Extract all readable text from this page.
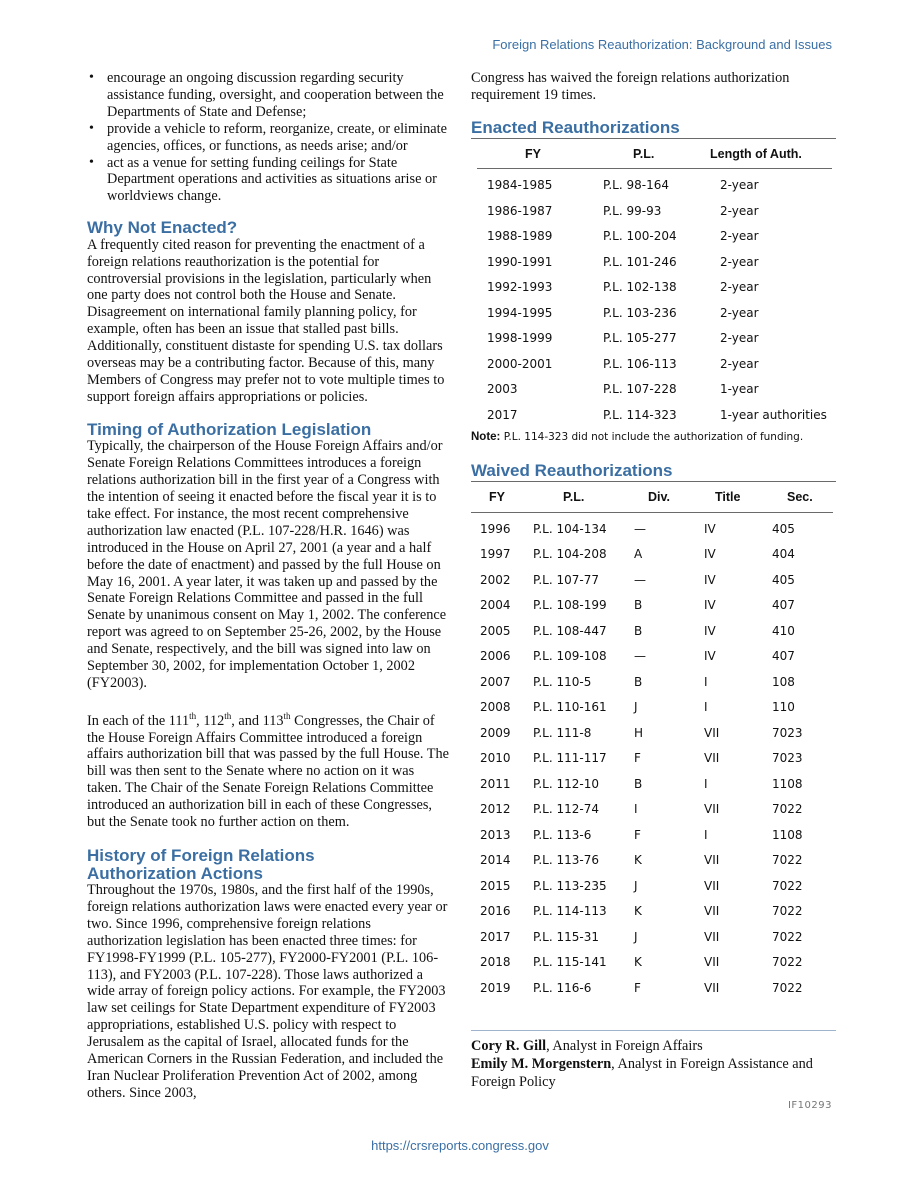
Foreign Relations Reauthorization: Background and Issues
• encourage an ongoing discussion regarding security assistance funding, oversight, and cooperation between the Departments of State and Defense;
• provide a vehicle to reform, reorganize, create, or eliminate agencies, offices, or functions, as needs arise; and/or
• act as a venue for setting funding ceilings for State Department operations and activities as situations arise or worldviews change.
Why Not Enacted?

A frequently cited reason for preventing the enactment of a foreign relations reauthorization is the potential for controversial provisions in the legislation, particularly when one party does not control both the House and Senate. Disagreement on international family planning policy, for example, often has been an issue that stalled past bills. Additionally, constituent distaste for spending U.S. tax dollars overseas may be a contributing factor. Because of this, many Members of Congress may prefer not to vote multiple times to support foreign affairs appropriations or policies.

Timing of Authorization Legislation

Typically, the chairperson of the House Foreign Affairs and/or Senate Foreign Relations Committees introduces a foreign relations authorization bill in the first year of a Congress with the intention of seeing it enacted before the fiscal year it is to take effect. For instance, the most recent comprehensive authorization law enacted (P.L. 107-228/H.R. 1646) was introduced in the House on April 27, 2001 (a year and a half before the date of enactment) and passed by the full House on May 16, 2001. A year later, it was taken up and passed by the Senate Foreign Relations Committee and passed in the full Senate by unanimous consent on May 1, 2002. The conference report was agreed to on September 25-26, 2002, by the House and Senate, respectively, and the bill was signed into law on September 30, 2002, for implementation October 1, 2002 (FY2003).

In each of the 111th, 112th, and 113th Congresses, the Chair of the House Foreign Affairs Committee introduced a foreign affairs authorization bill that was passed by the full House. The bill was then sent to the Senate where no action on it was taken. The Chair of the Senate Foreign Relations Committee introduced an authorization bill in each of these Congresses, but the Senate took no further action on them.

History of Foreign Relations
Authorization Actions

Throughout the 1970s, 1980s, and the first half of the 1990s, foreign relations authorization laws were enacted every year or two. Since 1996, comprehensive foreign relations authorization legislation has been enacted three times: for FY1998-FY1999 (P.L. 105-277), FY2000-FY2001 (P.L. 106-113), and FY2003 (P.L. 107-228). Those laws authorized a wide array of foreign policy actions. For example, the FY2003 law set ceilings for State Department expenditure of FY2003 appropriations, established U.S. policy with respect to Jerusalem as the capital of Israel, allocated funds for the American Corners in the Russian Federation, and included the Iran Nuclear Proliferation Prevention Act of 2002, among others. Since 2003,

Congress has waived the foreign relations authorization requirement 19 times.

Enacted Reauthorizations
FY	P.L.	Length of Auth.
1984-1985	P.L. 98-164	2-year
1986-1987	P.L. 99-93	2-year
1988-1989	P.L. 100-204	2-year
1990-1991	P.L. 101-246	2-year
1992-1993	P.L. 102-138	2-year
1994-1995	P.L. 103-236	2-year
1998-1999	P.L. 105-277	2-year
2000-2001	P.L. 106-113	2-year
2003	P.L. 107-228	1-year
2017	P.L. 114-323	1-year authorities

Note: P.L. 114-323 did not include the authorization of funding.

Waived Reauthorizations
FY	P.L.	Div.	Title	Sec.
1996	P.L. 104-134	—	IV	405
1997	P.L. 104-208	A	IV	404
2002	P.L. 107-77	—	IV	405
2004	P.L. 108-199	B	IV	407
2005	P.L. 108-447	B	IV	410
2006	P.L. 109-108	—	IV	407
2007	P.L. 110-5	B	I	108
2008	P.L. 110-161	J	I	110
2009	P.L. 111-8	H	VII	7023
2010	P.L. 111-117	F	VII	7023
2011	P.L. 112-10	B	I	1108
2012	P.L. 112-74	I	VII	7022
2013	P.L. 113-6	F	I	1108
2014	P.L. 113-76	K	VII	7022
2015	P.L. 113-235	J	VII	7022
2016	P.L. 114-113	K	VII	7022
2017	P.L. 115-31	J	VII	7022
2018	P.L. 115-141	K	VII	7022
2019	P.L. 116-6	F	VII	7022
Cory R. Gill, Analyst in Foreign Affairs
Emily M. Morgenstern, Analyst in Foreign Assistance and Foreign Policy
IF10293
https://crsreports.congress.gov
